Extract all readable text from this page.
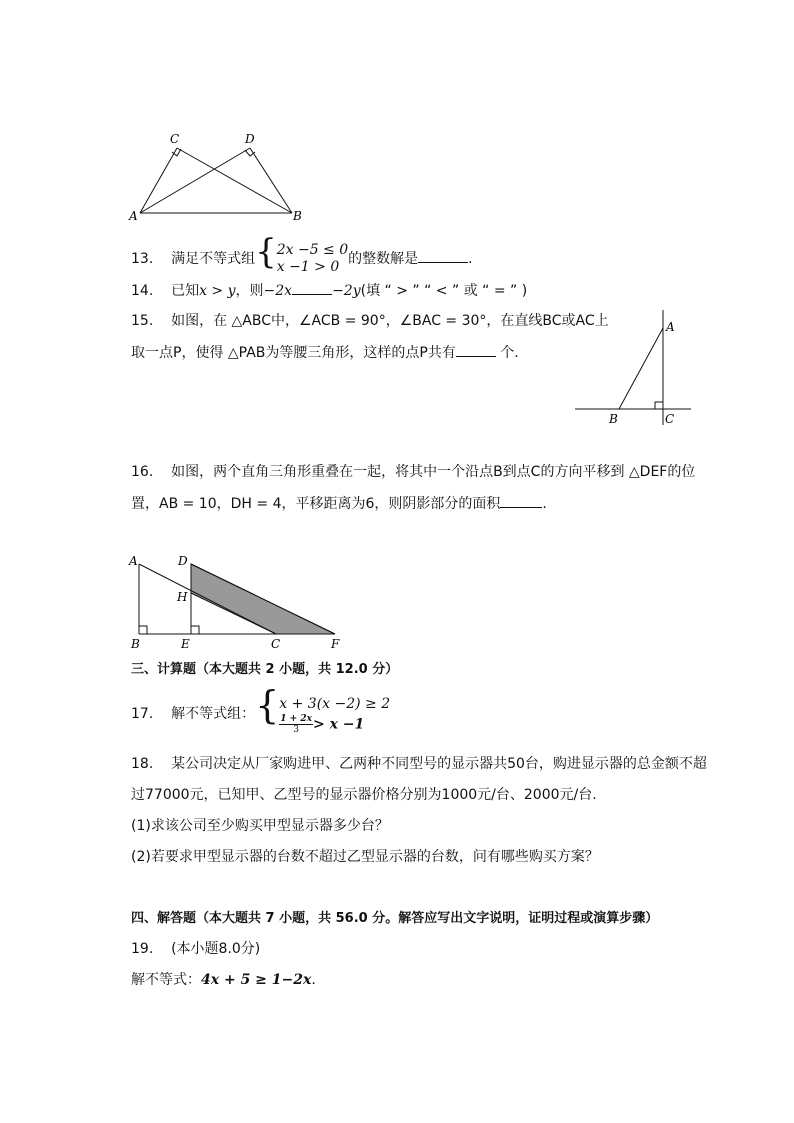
C	D
A	B
13. 满足不等式组{2x −5 ≤ 0
x −1 > 0 的整数解是	.
14. 已知x > y，则−2x	−2y(填 “ > ” “ < ” 或 “ = ” )
15. 如图，在 △ABC中，∠ACB = 90°，∠BAC = 30°，在直线BC或AC上
取一点P，使得 △PAB为等腰三角形，这样的点P共有	个.
A
B	C
16. 如图，两个直角三角形重叠在一起，将其中一个沿点B到点C的方向平移到 △DEF的位
置，AB = 10，DH = 4，平移距离为6，则阴影部分的面积	.
A	D
H
B	E	C	F
三、计算题（本大题共 2 小题，共 12.0 分）
17. 解不等式组：{x + 3(x −2) ≥ 2

$\frac{1 + 2x}{3} > x -1$
18. 某公司决定从厂家购进甲、乙两种不同型号的显示器共50台，购进显示器的总金额不超
过77000元，已知甲、乙型号的显示器价格分别为1000元/台、2000元/台.
(1)求该公司至少购买甲型显示器多少台？
(2)若要求甲型显示器的台数不超过乙型显示器的台数，问有哪些购买方案？
四、解答题（本大题共 7 小题，共 56.0 分。解答应写出文字说明，证明过程或演算步骤）
19. (本小题8.0分)
解不等式：4x + 5 ≥ 1−2x.
